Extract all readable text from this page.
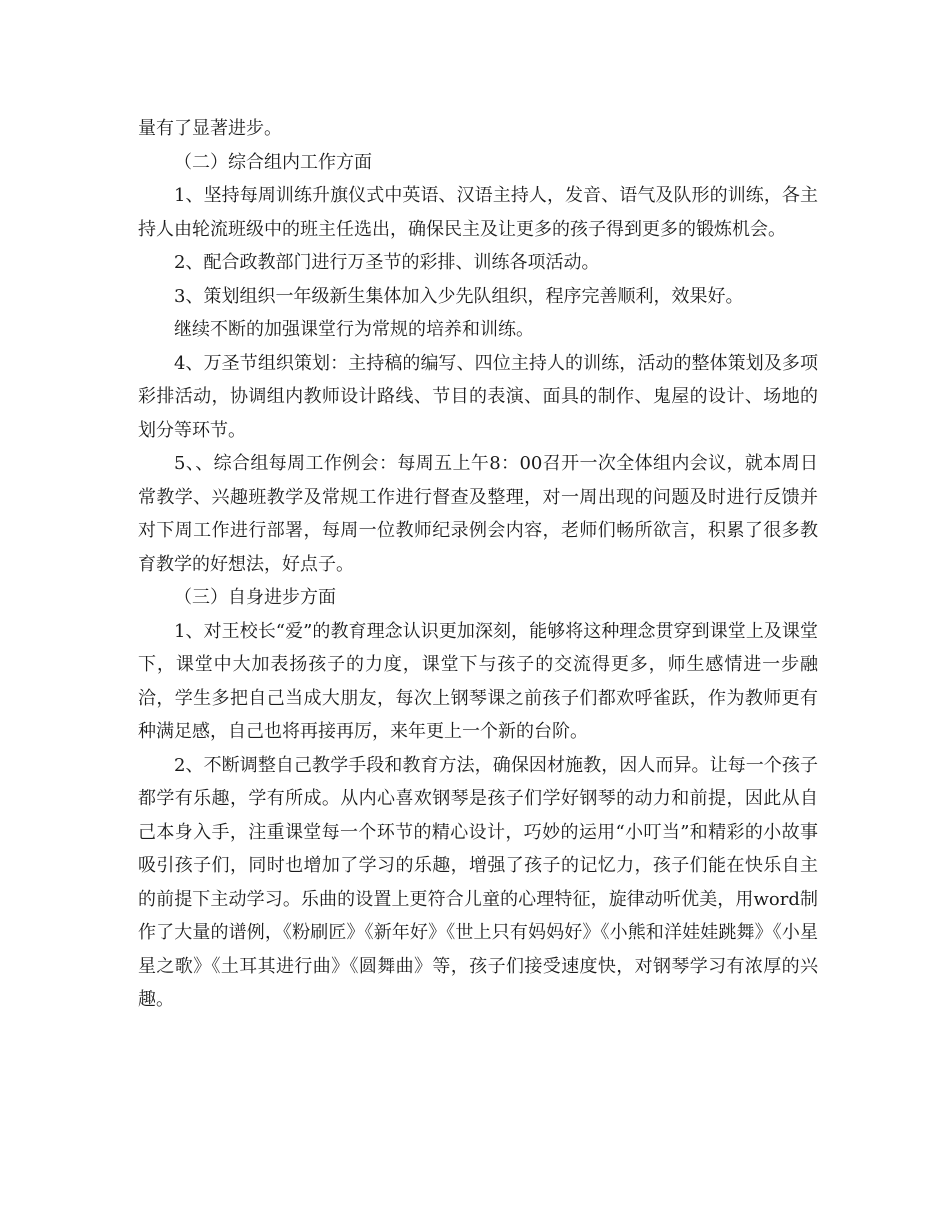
量有了显著进步。

（二）综合组内工作方面

1、坚持每周训练升旗仪式中英语、汉语主持人，发音、语气及队形的训练，各主持人由轮流班级中的班主任选出，确保民主及让更多的孩子得到更多的锻炼机会。

2、配合政教部门进行万圣节的彩排、训练各项活动。

3、策划组织一年级新生集体加入少先队组织，程序完善顺利，效果好。

继续不断的加强课堂行为常规的培养和训练。

4、万圣节组织策划：主持稿的编写、四位主持人的训练，活动的整体策划及多项彩排活动，协调组内教师设计路线、节目的表演、面具的制作、鬼屋的设计、场地的划分等环节。

5、、综合组每周工作例会：每周五上午8：00召开一次全体组内会议，就本周日常教学、兴趣班教学及常规工作进行督查及整理，对一周出现的问题及时进行反馈并对下周工作进行部署，每周一位教师纪录例会内容，老师们畅所欲言，积累了很多教育教学的好想法，好点子。

（三）自身进步方面

1、对王校长“爱”的教育理念认识更加深刻，能够将这种理念贯穿到课堂上及课堂下，课堂中大加表扬孩子的力度，课堂下与孩子的交流得更多，师生感情进一步融洽，学生多把自己当成大朋友，每次上钢琴课之前孩子们都欢呼雀跃，作为教师更有种满足感，自己也将再接再厉，来年更上一个新的台阶。

2、不断调整自己教学手段和教育方法，确保因材施教，因人而异。让每一个孩子都学有乐趣，学有所成。从内心喜欢钢琴是孩子们学好钢琴的动力和前提，因此从自己本身入手，注重课堂每一个环节的精心设计，巧妙的运用“小叮当”和精彩的小故事吸引孩子们，同时也增加了学习的乐趣，增强了孩子的记忆力，孩子们能在快乐自主的前提下主动学习。乐曲的设置上更符合儿童的心理特征，旋律动听优美，用word制作了大量的谱例，《粉刷匠》《新年好》《世上只有妈妈好》《小熊和洋娃娃跳舞》《小星星之歌》《土耳其进行曲》《圆舞曲》等，孩子们接受速度快，对钢琴学习有浓厚的兴趣。
